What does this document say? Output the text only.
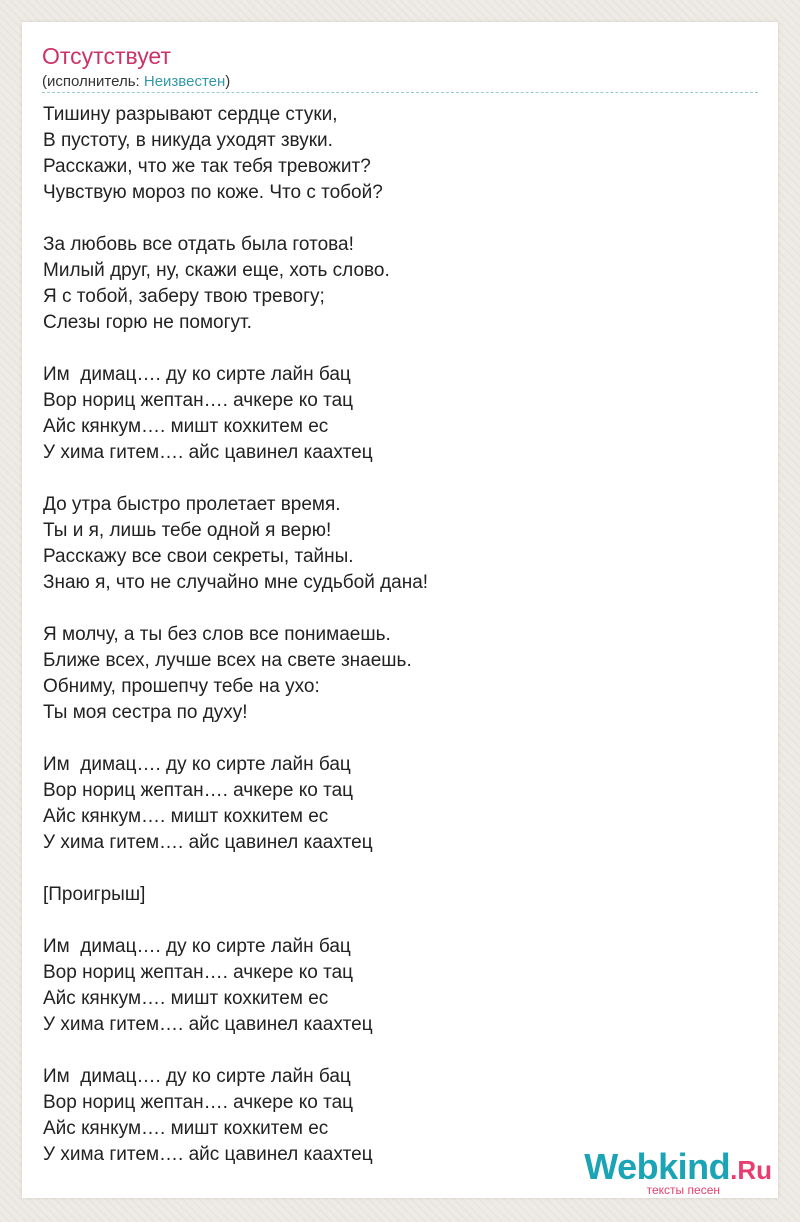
Отсутствует
(исполнитель: Неизвестен)
Тишину разрывают сердце стуки,
В пустоту, в никуда уходят звуки.
Расскажи, что же так тебя тревожит?
Чувствую мороз по коже. Что с тобой?
За любовь все отдать была готова!
Милый друг, ну, скажи еще, хоть слово.
Я с тобой, заберу твою тревогу;
Слезы горю не помогут.
Им  димац…. ду ко сирте лайн бац
Вор нориц жептан…. ачкере ко тац
Айс кянкум…. мишт кохкитем ес
У хима гитем…. айс цавинел каахтец
До утра быстро пролетает время.
Ты и я, лишь тебе одной я верю!
Расскажу все свои секреты, тайны.
Знаю я, что не случайно мне судьбой дана!
Я молчу, а ты без слов все понимаешь.
Ближе всех, лучше всех на свете знаешь.
Обниму, прошепчу тебе на ухо:
Ты моя сестра по духу!
Им  димац…. ду ко сирте лайн бац
Вор нориц жептан…. ачкере ко тац
Айс кянкум…. мишт кохкитем ес
У хима гитем…. айс цавинел каахтец
[Проигрыш]
Им  димац…. ду ко сирте лайн бац
Вор нориц жептан…. ачкере ко тац
Айс кянкум…. мишт кохкитем ес
У хима гитем…. айс цавинел каахтец
Им  димац…. ду ко сирте лайн бац
Вор нориц жептан…. ачкере ко тац
Айс кянкум…. мишт кохкитем ес
У хима гитем…. айс цавинел каахтец	Webkind.Ru
тексты песен
